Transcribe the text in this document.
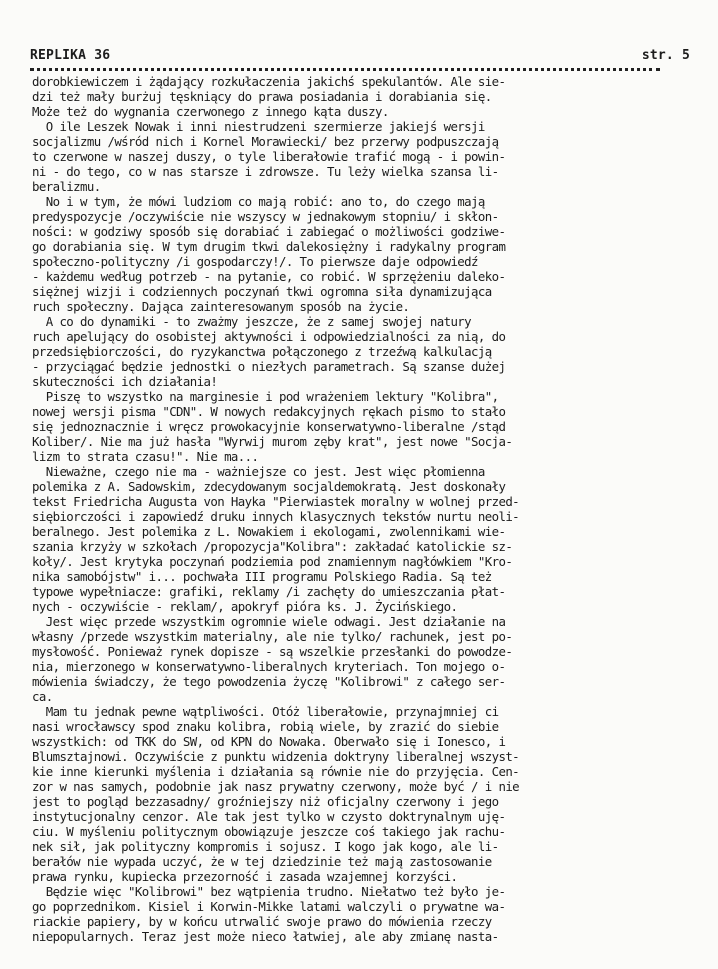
REPLIKA 36	str. 5
dorobkiewiczem i żądający rozkułaczenia jakichś spekulantów. Ale sie-
dzi też mały burżuj tęskniący do prawa posiadania i dorabiania się.
Może też do wygnania czerwonego z innego kąta duszy.
O ile Leszek Nowak i inni niestrudzeni szermierze jakiejś wersji
socjalizmu /wśród nich i Kornel Morawiecki/ bez przerwy podpuszczają
to czerwone w naszej duszy, o tyle liberałowie trafić mogą - i powin-
ni - do tego, co w nas starsze i zdrowsze. Tu leży wielka szansa li-
beralizmu.
No i w tym, że mówi ludziom co mają robić: ano to, do czego mają
predyspozycje /oczywiście nie wszyscy w jednakowym stopniu/ i skłon-
ności: w godziwy sposób się dorabiać i zabiegać o możliwości godziwe-
go dorabiania się. W tym drugim tkwi dalekosiężny i radykalny program
społeczno-polityczny /i gospodarczy!/. To pierwsze daje odpowiedź
- każdemu według potrzeb - na pytanie, co robić. W sprzężeniu daleko-
siężnej wizji i codziennych poczynań tkwi ogromna siła dynamizująca
ruch społeczny. Dająca zainteresowanym sposób na życie.
A co do dynamiki - to zważmy jeszcze, że z samej swojej natury
ruch apelujący do osobistej aktywności i odpowiedzialności za nią, do
przedsiębiorczości, do ryzykanctwa połączonego z trzeźwą kalkulacją
- przyciągać będzie jednostki o niezłych parametrach. Są szanse dużej
skuteczności ich działania!
Piszę to wszystko na marginesie i pod wrażeniem lektury "Kolibra",
nowej wersji pisma "CDN". W nowych redakcyjnych rękach pismo to stało
się jednoznacznie i wręcz prowokacyjnie konserwatywno-liberalne /stąd
Koliber/. Nie ma już hasła "Wyrwij murom zęby krat", jest nowe "Socja-
lizm to strata czasu!". Nie ma...
Nieważne, czego nie ma - ważniejsze co jest. Jest więc płomienna
polemika z A. Sadowskim, zdecydowanym socjaldemokratą. Jest doskonały
tekst Friedricha Augusta von Hayka "Pierwiastek moralny w wolnej przed-
siębiorczości i zapowiedź druku innych klasycznych tekstów nurtu neoli-
beralnego. Jest polemika z L. Nowakiem i ekologami, zwolennikami wie-
szania krzyży w szkołach /propozycja"Kolibra": zakładać katolickie sz-
koły/. Jest krytyka poczynań podziemia pod znamiennym nagłówkiem "Kro-
nika samobójstw" i... pochwała III programu Polskiego Radia. Są też
typowe wypełniacze: grafiki, reklamy /i zachęty do umieszczania płat-
nych - oczywiście - reklam/, apokryf pióra ks. J. Życińskiego.
Jest więc przede wszystkim ogromnie wiele odwagi. Jest działanie na
własny /przede wszystkim materialny, ale nie tylko/ rachunek, jest po-
mysłowość. Ponieważ rynek dopisze - są wszelkie przesłanki do powodze-
nia, mierzonego w konserwatywno-liberalnych kryteriach. Ton mojego o-
mówienia świadczy, że tego powodzenia życzę "Kolibrowi" z całego ser-
ca.
Mam tu jednak pewne wątpliwości. Otóż liberałowie, przynajmniej ci
nasi wrocławscy spod znaku kolibra, robią wiele, by zrazić do siebie
wszystkich: od TKK do SW, od KPN do Nowaka. Oberwało się i Ionesco, i
Blumsztajnowi. Oczywiście z punktu widzenia doktryny liberalnej wszyst-
kie inne kierunki myślenia i działania są równie nie do przyjęcia. Cen-
zor w nas samych, podobnie jak nasz prywatny czerwony, może być / i nie
jest to pogląd bezzasadny/ groźniejszy niż oficjalny czerwony i jego
instytucjonalny cenzor. Ale tak jest tylko w czysto doktrynalnym uję-
ciu. W myśleniu politycznym obowiązuje jeszcze coś takiego jak rachu-
nek sił, jak polityczny kompromis i sojusz. I kogo jak kogo, ale li-
berałów nie wypada uczyć, że w tej dziedzinie też mają zastosowanie
prawa rynku, kupiecka przezorność i zasada wzajemnej korzyści.
Będzie więc "Kolibrowi" bez wątpienia trudno. Niełatwo też było je-
go poprzednikom. Kisiel i Korwin-Mikke latami walczyli o prywatne wa-
riackie papiery, by w końcu utrwalić swoje prawo do mówienia rzeczy
niepopularnych. Teraz jest może nieco łatwiej, ale aby zmianę nasta-
